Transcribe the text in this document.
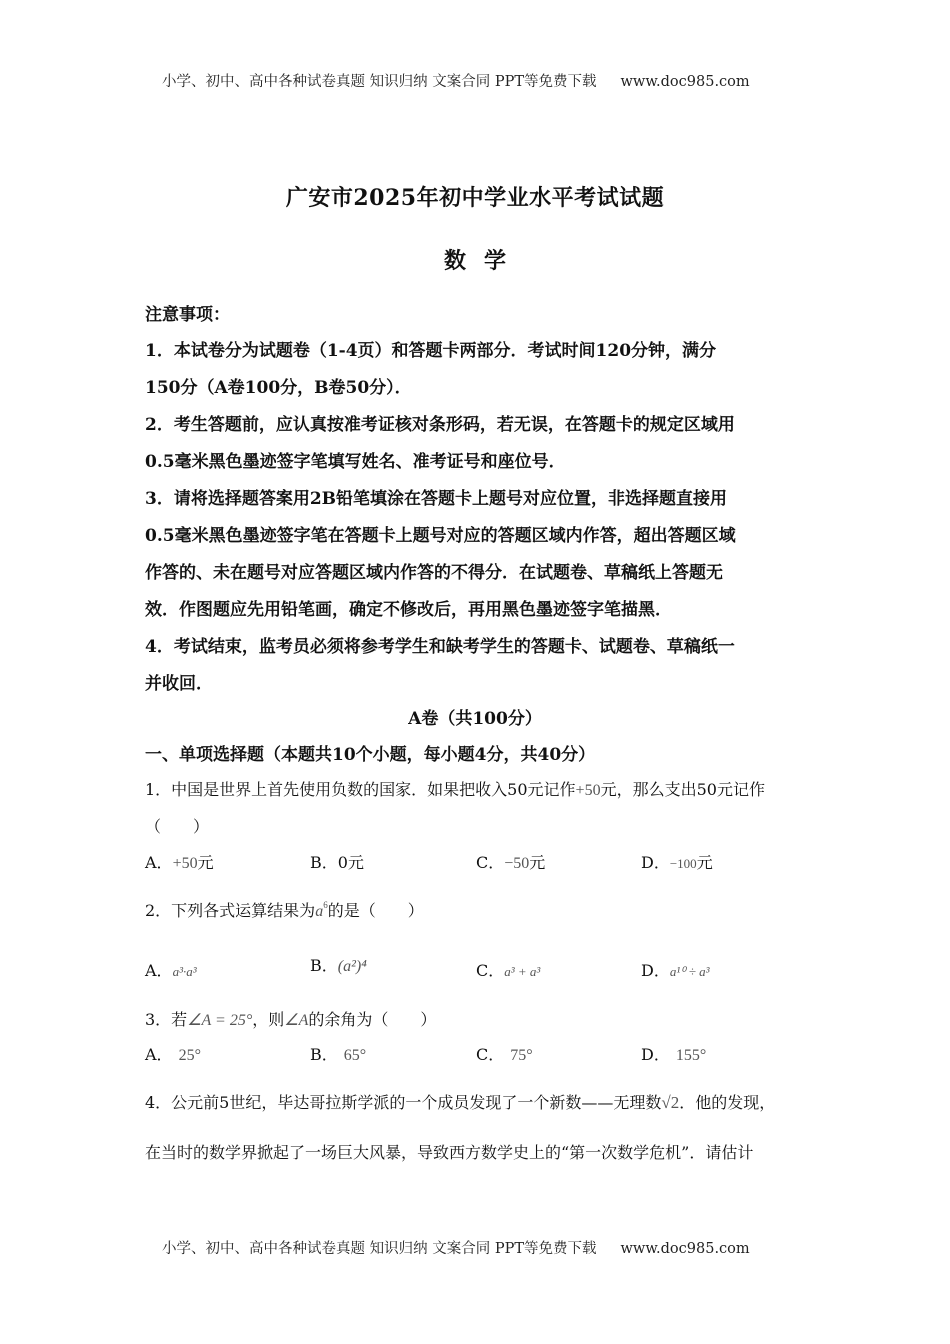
小学、初中、高中各种试卷真题 知识归纳 文案合同 PPT等免费下载 www.doc985.com
广安市2025年初中学业水平考试试题
数学
注意事项：
1．本试卷分为试题卷（1-4页）和答题卡两部分．考试时间120分钟，满分
150分（A卷100分，B卷50分）．
2．考生答题前，应认真按准考证核对条形码，若无误，在答题卡的规定区域用
0.5毫米黑色墨迹签字笔填写姓名、准考证号和座位号．
3．请将选择题答案用2B铅笔填涂在答题卡上题号对应位置，非选择题直接用
0.5毫米黑色墨迹签字笔在答题卡上题号对应的答题区域内作答，超出答题区域
作答的、未在题号对应答题区域内作答的不得分．在试题卷、草稿纸上答题无
效．作图题应先用铅笔画，确定不修改后，再用黑色墨迹签字笔描黑．
4．考试结束，监考员必须将参考学生和缺考学生的答题卡、试题卷、草稿纸一
并收回．
A卷（共100分）
一、单项选择题（本题共10个小题，每小题4分，共40分）
1．中国是世界上首先使用负数的国家．如果把收入50元记作+50元，那么支出50元记作
（　　）
A．+50元	B．0元	C．−50元	D．−100元
2．下列各式运算结果为$a^6$的是（　　）
A．a³·a³	B．(a²)⁴	C．a³ + a³	D．a¹⁰ ÷ a³
3．若∠A = 25°，则∠A的余角为（　　）
A． 25°	B． 65°	C． 75°	D． 155°
4．公元前5世纪，毕达哥拉斯学派的一个成员发现了一个新数——无理数√2．他的发现，
在当时的数学界掀起了一场巨大风暴，导致西方数学史上的“第一次数学危机”．请估计
小学、初中、高中各种试卷真题 知识归纳 文案合同 PPT等免费下载 www.doc985.com
